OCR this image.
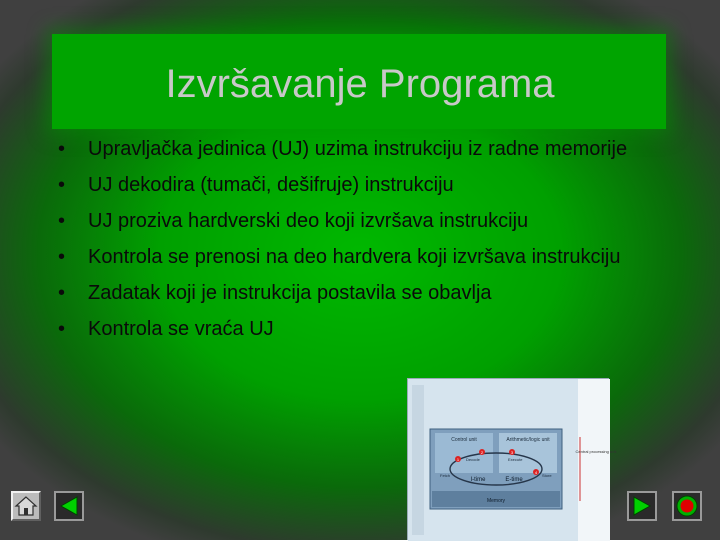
Izvršavanje Programa
• Upravljačka jedinica (UJ) uzima instrukciju iz radne memorije
• UJ dekodira (tumači, dešifruje) instrukciju
• UJ proziva hardverski deo koji izvršava instrukciju
• Kontrola se prenosi na deo hardvera koji izvršava instrukciju
• Zadatak koji je instrukcija postavila se obavlja
• Kontrola se vraća UJ
Control unit	Arithmetic/logic unit
2	3
1
4
Decode	Execute
Fetch	Store
I-time	E-time
Memory
Central processing unit
